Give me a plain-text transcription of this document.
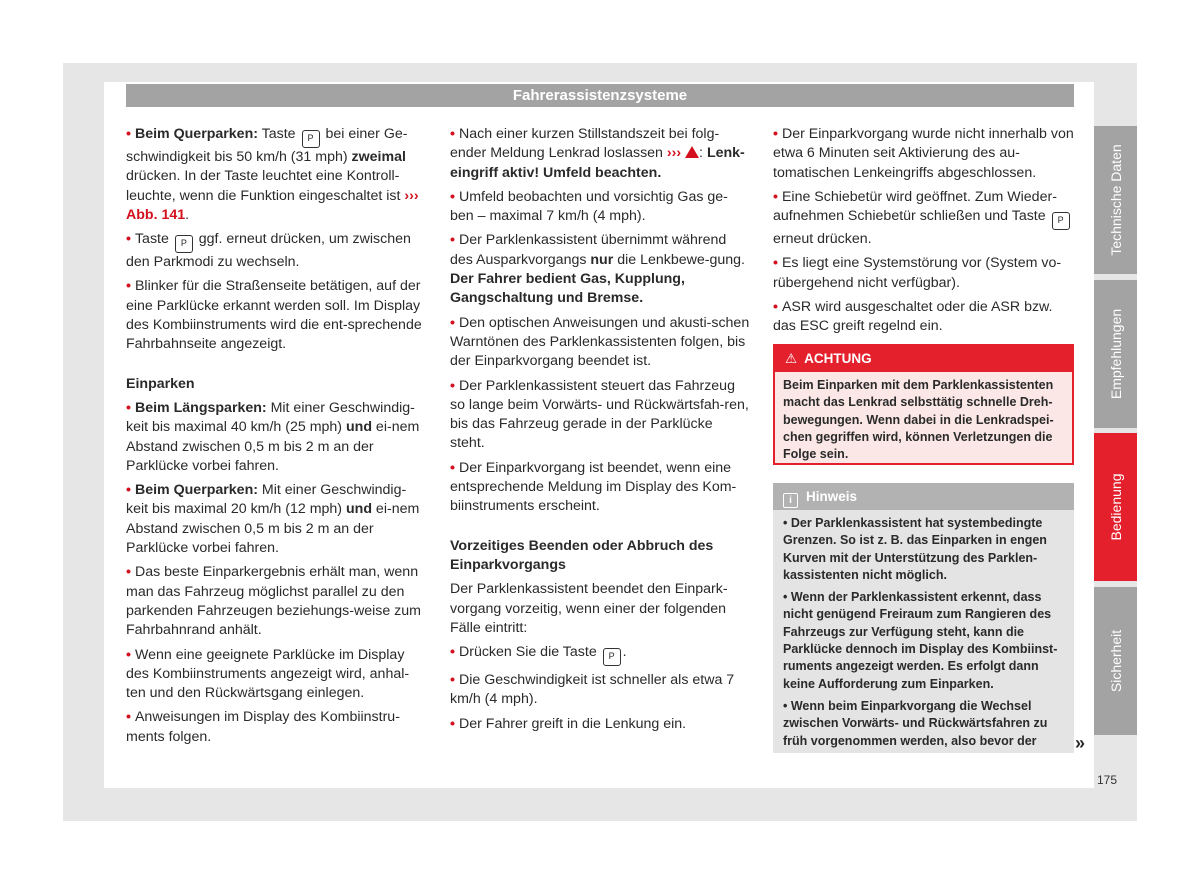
Fahrerassistenzsysteme

• Beim Querparken: Taste P bei einer Ge-schwindigkeit bis 50 km/h (31 mph) zweimal drücken. In der Taste leuchtet eine Kontroll-leuchte, wenn die Funktion eingeschaltet ist ››› Abb. 141.

• Taste P ggf. erneut drücken, um zwischen den Parkmodi zu wechseln.

• Blinker für die Straßenseite betätigen, auf der eine Parklücke erkannt werden soll. Im Display des Kombiinstruments wird die ent-sprechende Fahrbahnseite angezeigt.

Einparken

• Beim Längsparken: Mit einer Geschwindig-keit bis maximal 40 km/h (25 mph) und ei-nem Abstand zwischen 0,5 m bis 2 m an der Parklücke vorbei fahren.

• Beim Querparken: Mit einer Geschwindig-keit bis maximal 20 km/h (12 mph) und ei-nem Abstand zwischen 0,5 m bis 2 m an der Parklücke vorbei fahren.

• Das beste Einparkergebnis erhält man, wenn man das Fahrzeug möglichst parallel zu den parkenden Fahrzeugen beziehungs-weise zum Fahrbahnrand anhält.

• Wenn eine geeignete Parklücke im Display des Kombiinstruments angezeigt wird, anhal-ten und den Rückwärtsgang einlegen.

• Anweisungen im Display des Kombiinstru-ments folgen.

• Nach einer kurzen Stillstandszeit bei folg-ender Meldung Lenkrad loslassen ››› : Lenk-eingriff aktiv! Umfeld beachten.

• Umfeld beobachten und vorsichtig Gas ge-ben – maximal 7 km/h (4 mph).

• Der Parklenkassistent übernimmt während des Ausparkvorgangs nur die Lenkbewe-gung. Der Fahrer bedient Gas, Kupplung, Gangschaltung und Bremse.

• Den optischen Anweisungen und akusti-schen Warntönen des Parklenkassistenten folgen, bis der Einparkvorgang beendet ist.

• Der Parklenkassistent steuert das Fahrzeug so lange beim Vorwärts- und Rückwärtsfah-ren, bis das Fahrzeug gerade in der Parklücke steht.

• Der Einparkvorgang ist beendet, wenn eine entsprechende Meldung im Display des Kom-biinstruments erscheint.

Vorzeitiges Beenden oder Abbruch des Einparkvorgangs

Der Parklenkassistent beendet den Einpark-vorgang vorzeitig, wenn einer der folgenden Fälle eintritt:

• Drücken Sie die Taste P .

• Die Geschwindigkeit ist schneller als etwa 7 km/h (4 mph).

• Der Fahrer greift in die Lenkung ein.

• Der Einparkvorgang wurde nicht innerhalb von etwa 6 Minuten seit Aktivierung des au-tomatischen Lenkeingriffs abgeschlossen.

• Eine Schiebetür wird geöffnet. Zum Wieder-aufnehmen Schiebetür schließen und Taste P erneut drücken.

• Es liegt eine Systemstörung vor (System vo-rübergehend nicht verfügbar).

• ASR wird ausgeschaltet oder die ASR bzw. das ESC greift regelnd ein.

⚠ ACHTUNG
Beim Einparken mit dem Parklenkassistenten macht das Lenkrad selbsttätig schnelle Dreh-bewegungen. Wenn dabei in die Lenkradspei-chen gegriffen wird, können Verletzungen die Folge sein.
i Hinweis

• Der Parklenkassistent hat systembedingte Grenzen. So ist z. B. das Einparken in engen Kurven mit der Unterstützung des Parklen-kassistenten nicht möglich.

• Wenn der Parklenkassistent erkennt, dass nicht genügend Freiraum zum Rangieren des Fahrzeugs zur Verfügung steht, kann die Parklücke dennoch im Display des Kombiinst-ruments angezeigt werden. Es erfolgt dann keine Aufforderung zum Einparken.

• Wenn beim Einparkvorgang die Wechsel zwischen Vorwärts- und Rückwärtsfahren zu früh vorgenommen werden, also bevor der	»
Technische Daten
Empfehlungen
Bedienung
Sicherheit
175
